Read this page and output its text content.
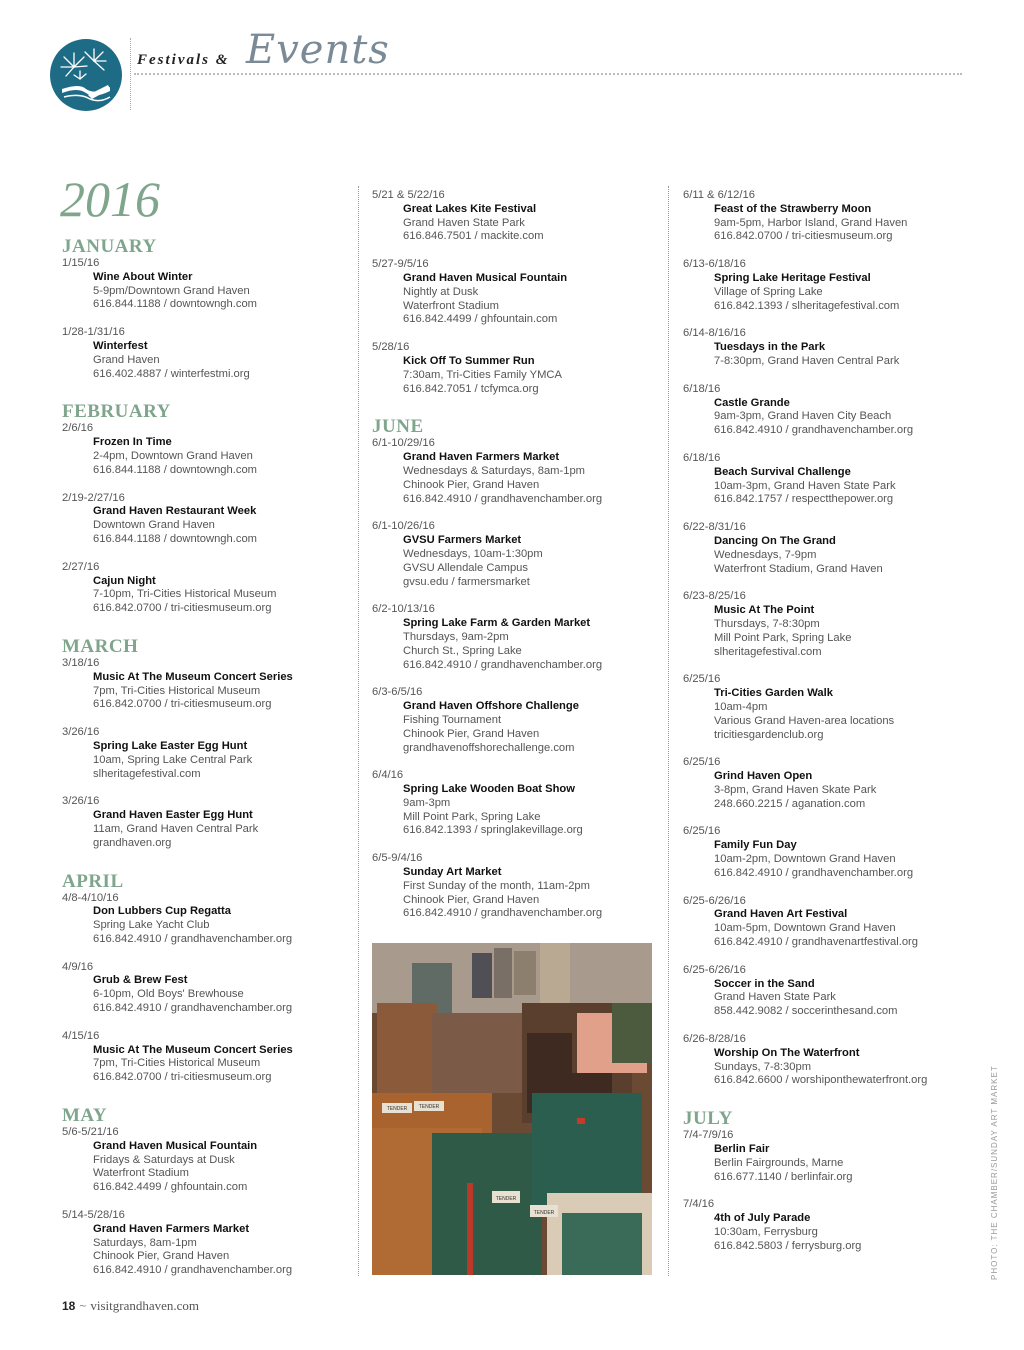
Festivals & Events
2016
JANUARY
1/15/16
Wine About Winter
5-9pm/Downtown Grand Haven
616.844.1188 / downtowngh.com
1/28-1/31/16
Winterfest
Grand Haven
616.402.4887 / winterfestmi.org
FEBRUARY
2/6/16
Frozen In Time
2-4pm, Downtown Grand Haven
616.844.1188 / downtowngh.com
2/19-2/27/16
Grand Haven Restaurant Week
Downtown Grand Haven
616.844.1188 / downtowngh.com
2/27/16
Cajun Night
7-10pm, Tri-Cities Historical Museum
616.842.0700 / tri-citiesmuseum.org
MARCH
3/18/16
Music At The Museum Concert Series
7pm, Tri-Cities Historical Museum
616.842.0700 / tri-citiesmuseum.org
3/26/16
Spring Lake Easter Egg Hunt
10am, Spring Lake Central Park
slheritagefestival.com
3/26/16
Grand Haven Easter Egg Hunt
11am, Grand Haven Central Park
grandhaven.org
APRIL
4/8-4/10/16
Don Lubbers Cup Regatta
Spring Lake Yacht Club
616.842.4910 / grandhavenchamber.org
4/9/16
Grub & Brew Fest
6-10pm, Old Boys' Brewhouse
616.842.4910 / grandhavenchamber.org
4/15/16
Music At The Museum Concert Series
7pm, Tri-Cities Historical Museum
616.842.0700 / tri-citiesmuseum.org
MAY
5/6-5/21/16
Grand Haven Musical Fountain
Fridays & Saturdays at Dusk
Waterfront Stadium
616.842.4499 / ghfountain.com
5/14-5/28/16
Grand Haven Farmers Market
Saturdays, 8am-1pm
Chinook Pier, Grand Haven
616.842.4910 / grandhavenchamber.org
5/21 & 5/22/16
Great Lakes Kite Festival
Grand Haven State Park
616.846.7501 / mackite.com
5/27-9/5/16
Grand Haven Musical Fountain
Nightly at Dusk
Waterfront Stadium
616.842.4499 / ghfountain.com
5/28/16
Kick Off To Summer Run
7:30am, Tri-Cities Family YMCA
616.842.7051 / tcfymca.org
JUNE
6/1-10/29/16
Grand Haven Farmers Market
Wednesdays & Saturdays, 8am-1pm
Chinook Pier, Grand Haven
616.842.4910 / grandhavenchamber.org
6/1-10/26/16
GVSU Farmers Market
Wednesdays, 10am-1:30pm
GVSU Allendale Campus
gvsu.edu / farmersmarket
6/2-10/13/16
Spring Lake Farm & Garden Market
Thursdays, 9am-2pm
Church St., Spring Lake
616.842.4910 / grandhavenchamber.org
6/3-6/5/16
Grand Haven Offshore Challenge
Fishing Tournament
Chinook Pier, Grand Haven
grandhavenoffshorechallenge.com
6/4/16
Spring Lake Wooden Boat Show
9am-3pm
Mill Point Park, Spring Lake
616.842.1393 / springlakevillage.org
6/5-9/4/16
Sunday Art Market
First Sunday of the month, 11am-2pm
Chinook Pier, Grand Haven
616.842.4910 / grandhavenchamber.org
6/11 & 6/12/16
Feast of the Strawberry Moon
9am-5pm, Harbor Island, Grand Haven
616.842.0700 / tri-citiesmuseum.org
6/13-6/18/16
Spring Lake Heritage Festival
Village of Spring Lake
616.842.1393 / slheritagefestival.com
6/14-8/16/16
Tuesdays in the Park
7-8:30pm, Grand Haven Central Park
6/18/16
Castle Grande
9am-3pm, Grand Haven City Beach
616.842.4910 / grandhavenchamber.org
6/18/16
Beach Survival Challenge
10am-3pm, Grand Haven State Park
616.842.1757 / respectthepower.org
6/22-8/31/16
Dancing On The Grand
Wednesdays, 7-9pm
Waterfront Stadium, Grand Haven
6/23-8/25/16
Music At The Point
Thursdays, 7-8:30pm
Mill Point Park, Spring Lake
slheritagefestival.com
6/25/16
Tri-Cities Garden Walk
10am-4pm
Various Grand Haven-area locations
tricitiesgardenclub.org
6/25/16
Grind Haven Open
3-8pm, Grand Haven Skate Park
248.660.2215 / aganation.com
6/25/16
Family Fun Day
10am-2pm, Downtown Grand Haven
616.842.4910 / grandhavenchamber.org
6/25-6/26/16
Grand Haven Art Festival
10am-5pm, Downtown Grand Haven
616.842.4910 / grandhavenartfestival.org
6/25-6/26/16
Soccer in the Sand
Grand Haven State Park
858.442.9082 / soccerinthesand.com
6/26-8/28/16
Worship On The Waterfront
Sundays, 7-8:30pm
616.842.6600 / worshiponthewaterfront.org
JULY
7/4-7/9/16
Berlin Fair
Berlin Fairgrounds, Marne
616.677.1140 / berlinfair.org
7/4/16
4th of July Parade
10:30am, Ferrysburg
616.842.5803 / ferrysburg.org
TENDER TENDER
TENDER
TENDER	PHOTO: THE CHAMBER/SUNDAY ART MARKET
18 ~ visitgrandhaven.com
